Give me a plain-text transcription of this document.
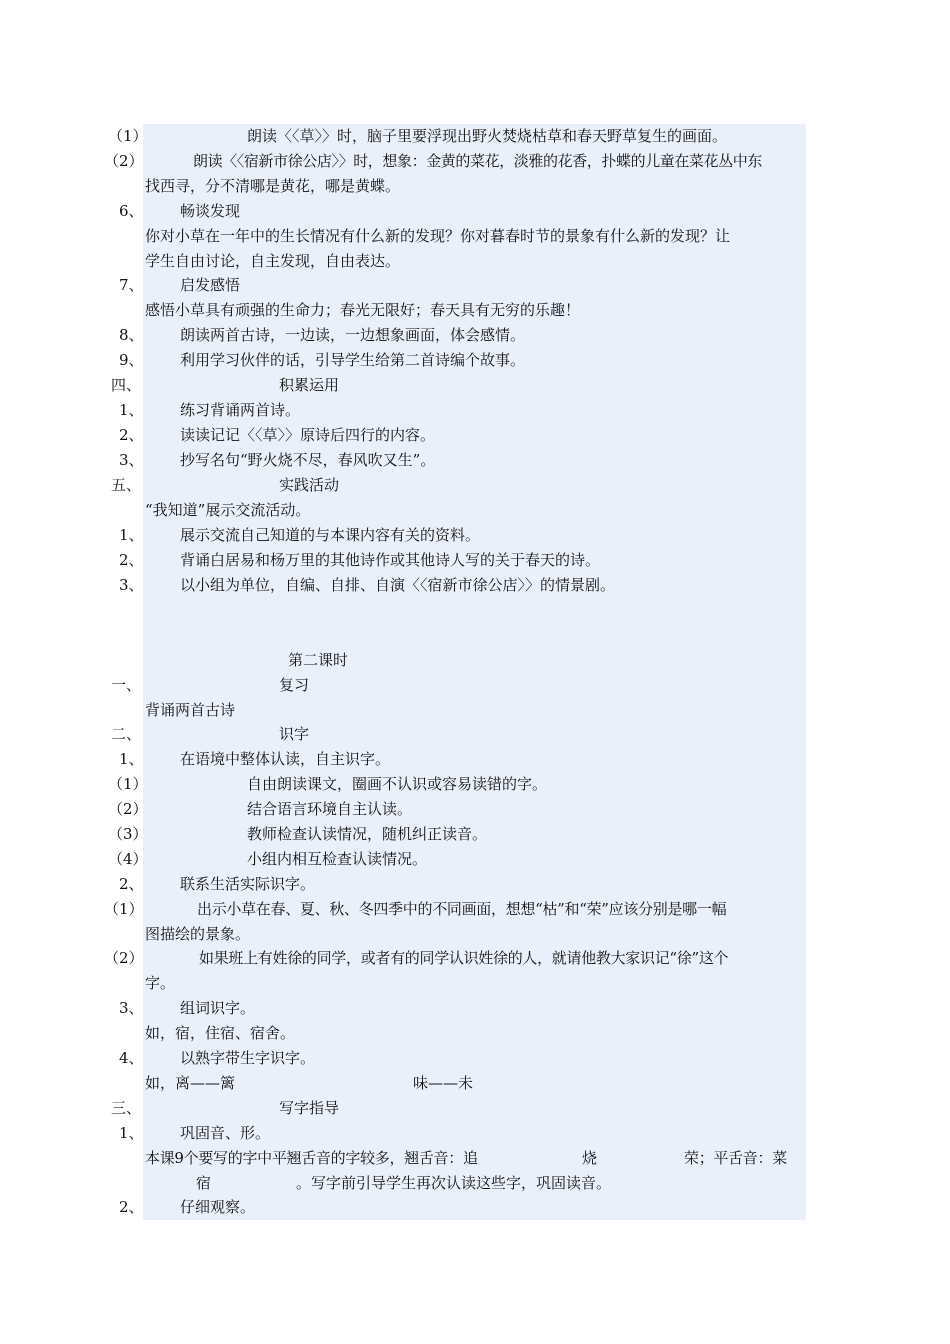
（1）	朗读〈〈草〉〉时，脑子里要浮现出野火焚烧枯草和春天野草复生的画面。
（2）	朗读〈〈宿新市徐公店〉〉时，想象：金黄的菜花，淡雅的花香，扑蝶的儿童在菜花丛中东
找西寻，分不清哪是黄花，哪是黄蝶。
6、 畅谈发现
你对小草在一年中的生长情况有什么新的发现？你对暮春时节的景象有什么新的发现？让
学生自由讨论，自主发现，自由表达。
7、 启发感悟
感悟小草具有顽强的生命力；春光无限好；春天具有无穷的乐趣！
8、 朗读两首古诗，一边读，一边想象画面，体会感情。
9、 利用学习伙伴的话，引导学生给第二首诗编个故事。
四、	积累运用
1、 练习背诵两首诗。
2、 读读记记〈〈草〉〉原诗后四行的内容。
3、 抄写名句“野火烧不尽，春风吹又生”。
五、	实践活动
“我知道”展示交流活动。
1、 展示交流自己知道的与本课内容有关的资料。
2、 背诵白居易和杨万里的其他诗作或其他诗人写的关于春天的诗。
3、 以小组为单位，自编、自排、自演〈〈宿新市徐公店〉〉的情景剧。
第二课时
一、	复习
背诵两首古诗
二、	识字
1、 在语境中整体认读，自主识字。
（1）	自由朗读课文，圈画不认识或容易读错的字。
（2）	结合语言环境自主认读。
（3）	教师检查认读情况，随机纠正读音。
（4）	小组内相互检查认读情况。
2、 联系生活实际识字。
（1）	出示小草在春、夏、秋、冬四季中的不同画面，想想“枯”和“荣”应该分别是哪一幅
图描绘的景象。
（2）	如果班上有姓徐的同学，或者有的同学认识姓徐的人，就请他教大家识记“徐”这个
字。
3、 组词识字。
如，宿，住宿、宿舍。
4、 以熟字带生字识字。
如，离——篱	味——未
三、	写字指导
1、 巩固音、形。
本课9个要写的字中平翘舌音的字较多，翘舌音：追	烧	荣；平舌音：菜
宿	。写字前引导学生再次认读这些字，巩固读音。
2、 仔细观察。
